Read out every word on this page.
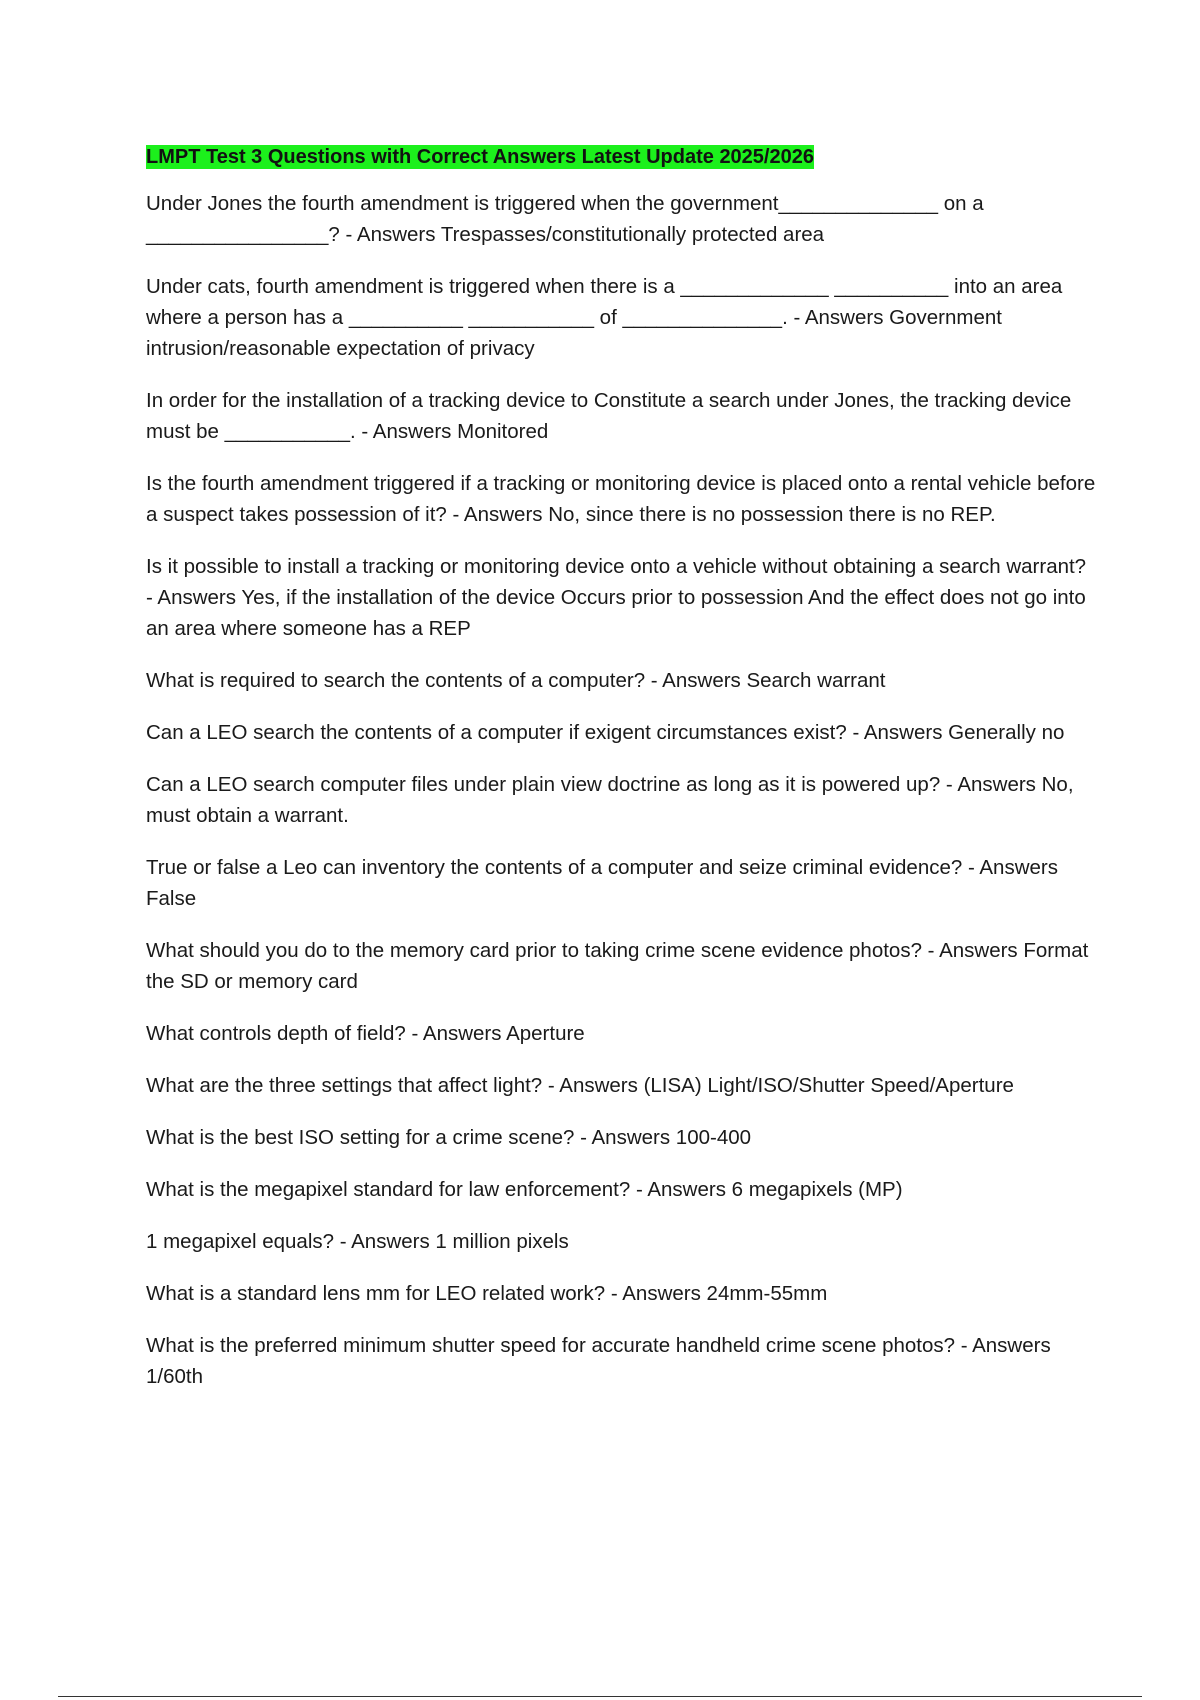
LMPT Test 3 Questions with Correct Answers Latest Update 2025/2026

Under Jones the fourth amendment is triggered when the government______________ on a ________________? - Answers Trespasses/constitutionally protected area

Under cats, fourth amendment is triggered when there is a _____________ __________ into an area where a person has a __________ ___________ of ______________. - Answers Government intrusion/reasonable expectation of privacy

In order for the installation of a tracking device to Constitute a search under Jones, the tracking device must be ___________. - Answers Monitored

Is the fourth amendment triggered if a tracking or monitoring device is placed onto a rental vehicle before a suspect takes possession of it? - Answers No, since there is no possession there is no REP.

Is it possible to install a tracking or monitoring device onto a vehicle without obtaining a search warrant? - Answers Yes, if the installation of the device Occurs prior to possession And the effect does not go into an area where someone has a REP

What is required to search the contents of a computer? - Answers Search warrant

Can a LEO search the contents of a computer if exigent circumstances exist? - Answers Generally no

Can a LEO search computer files under plain view doctrine as long as it is powered up? - Answers No, must obtain a warrant.

True or false a Leo can inventory the contents of a computer and seize criminal evidence? - Answers False

What should you do to the memory card prior to taking crime scene evidence photos? - Answers Format the SD or memory card

What controls depth of field? - Answers Aperture

What are the three settings that affect light? - Answers (LISA) Light/ISO/Shutter Speed/Aperture

What is the best ISO setting for a crime scene? - Answers 100-400

What is the megapixel standard for law enforcement? - Answers 6 megapixels (MP)

1 megapixel equals? - Answers 1 million pixels

What is a standard lens mm for LEO related work? - Answers 24mm-55mm

What is the preferred minimum shutter speed for accurate handheld crime scene photos? - Answers 1/60th
